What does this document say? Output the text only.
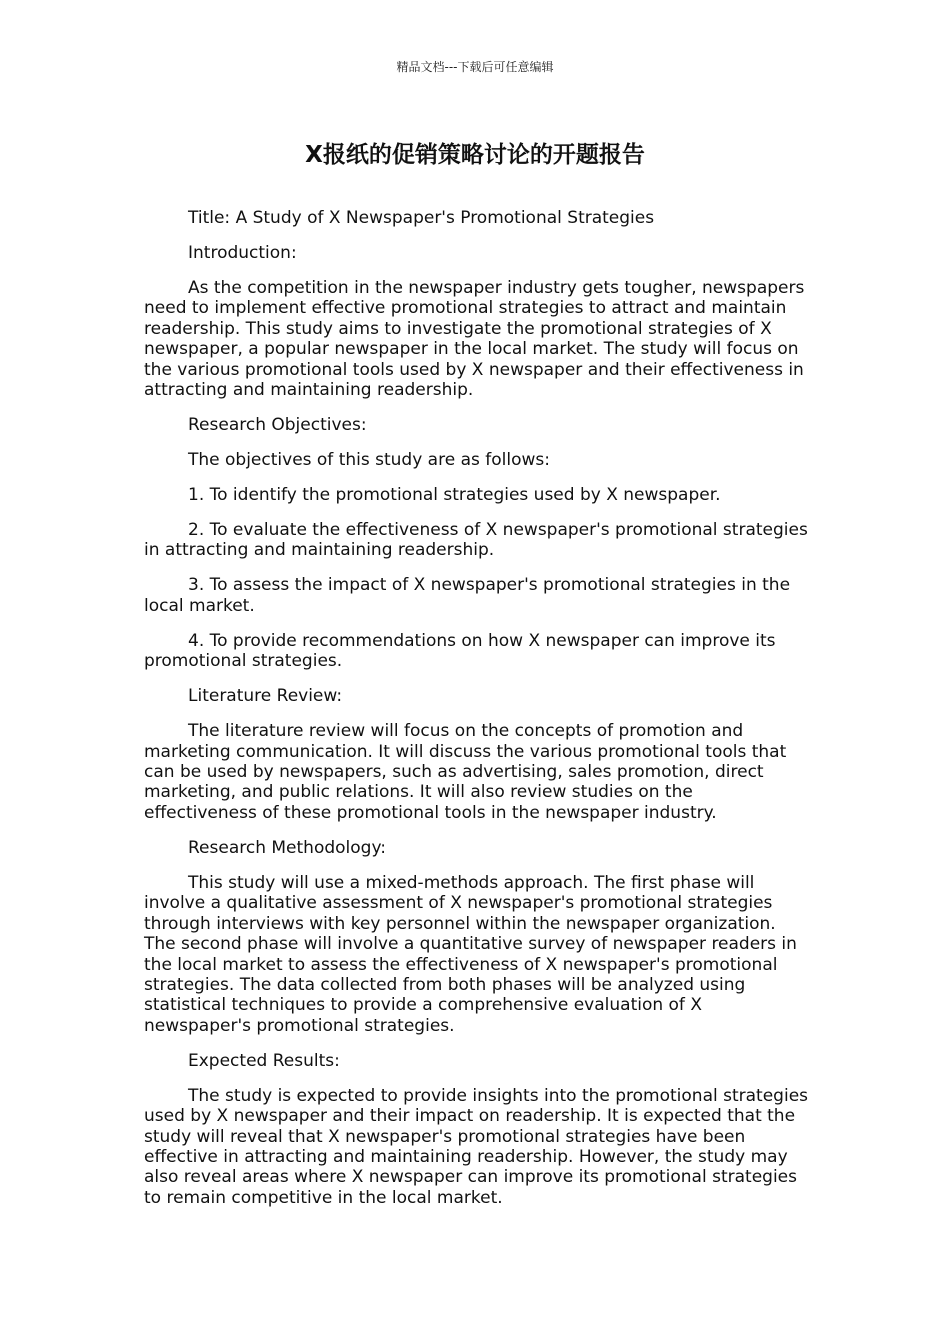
精品文档---下载后可任意编辑
X报纸的促销策略讨论的开题报告

Title: A Study of X Newspaper's Promotional Strategies

Introduction:

As the competition in the newspaper industry gets tougher, newspapers need to implement effective promotional strategies to attract and maintain readership. This study aims to investigate the promotional strategies of X newspaper, a popular newspaper in the local market. The study will focus on the various promotional tools used by X newspaper and their effectiveness in attracting and maintaining readership.

Research Objectives:

The objectives of this study are as follows:

1. To identify the promotional strategies used by X newspaper.

2. To evaluate the effectiveness of X newspaper's promotional strategies in attracting and maintaining readership.

3. To assess the impact of X newspaper's promotional strategies in the local market.

4. To provide recommendations on how X newspaper can improve its promotional strategies.

Literature Review:

The literature review will focus on the concepts of promotion and marketing communication. It will discuss the various promotional tools that can be used by newspapers, such as advertising, sales promotion, direct marketing, and public relations. It will also review studies on the effectiveness of these promotional tools in the newspaper industry.

Research Methodology:

This study will use a mixed-methods approach. The first phase will involve a qualitative assessment of X newspaper's promotional strategies through interviews with key personnel within the newspaper organization. The second phase will involve a quantitative survey of newspaper readers in the local market to assess the effectiveness of X newspaper's promotional strategies. The data collected from both phases will be analyzed using statistical techniques to provide a comprehensive evaluation of X newspaper's promotional strategies.

Expected Results:

The study is expected to provide insights into the promotional strategies used by X newspaper and their impact on readership. It is expected that the study will reveal that X newspaper's promotional strategies have been effective in attracting and maintaining readership. However, the study may also reveal areas where X newspaper can improve its promotional strategies to remain competitive in the local market.
